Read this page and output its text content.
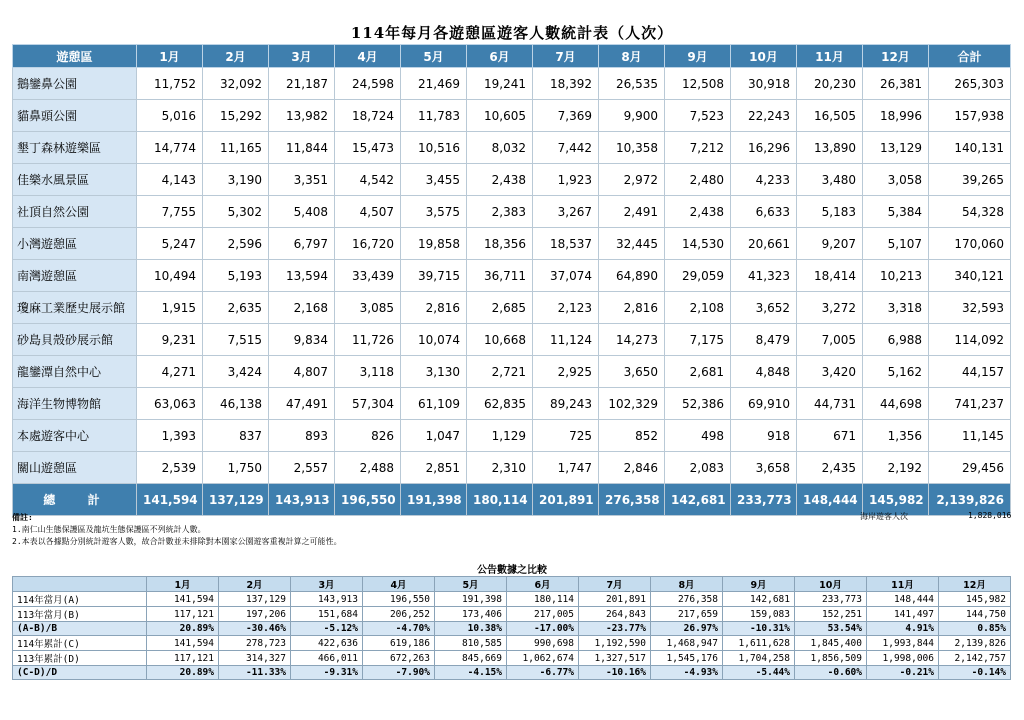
114年每月各遊憩區遊客人數統計表（人次）
遊憩區	1月	2月	3月	4月	5月	6月	7月	8月	9月	10月	11月	12月	合計
鵝鑾鼻公園	11,752	32,092	21,187	24,598	21,469	19,241	18,392	26,535	12,508	30,918	20,230	26,381	265,303
貓鼻頭公園	5,016	15,292	13,982	18,724	11,783	10,605	7,369	9,900	7,523	22,243	16,505	18,996	157,938
墾丁森林遊樂區	14,774	11,165	11,844	15,473	10,516	8,032	7,442	10,358	7,212	16,296	13,890	13,129	140,131
佳樂水風景區	4,143	3,190	3,351	4,542	3,455	2,438	1,923	2,972	2,480	4,233	3,480	3,058	39,265
社頂自然公園	7,755	5,302	5,408	4,507	3,575	2,383	3,267	2,491	2,438	6,633	5,183	5,384	54,328
小灣遊憩區	5,247	2,596	6,797	16,720	19,858	18,356	18,537	32,445	14,530	20,661	9,207	5,107	170,060
南灣遊憩區	10,494	5,193	13,594	33,439	39,715	36,711	37,074	64,890	29,059	41,323	18,414	10,213	340,121
瓊麻工業歷史展示館	1,915	2,635	2,168	3,085	2,816	2,685	2,123	2,816	2,108	3,652	3,272	3,318	32,593
砂島貝殼砂展示館	9,231	7,515	9,834	11,726	10,074	10,668	11,124	14,273	7,175	8,479	7,005	6,988	114,092
龍鑾潭自然中心	4,271	3,424	4,807	3,118	3,130	2,721	2,925	3,650	2,681	4,848	3,420	5,162	44,157
海洋生物博物館	63,063	46,138	47,491	57,304	61,109	62,835	89,243	102,329	52,386	69,910	44,731	44,698	741,237
本處遊客中心	1,393	837	893	826	1,047	1,129	725	852	498	918	671	1,356	11,145
關山遊憩區	2,539	1,750	2,557	2,488	2,851	2,310	1,747	2,846	2,083	3,658	2,435	2,192	29,456
總 計	141,594	137,129	143,913	196,550	191,398	180,114	201,891	276,358	142,681	233,773	148,444	145,982	2,139,826
備註:
1.南仁山生態保護區及龍坑生態保護區不列統計人數。
2.本表以各據點分別統計遊客人數，故合計數並未排除對本園家公園遊客重複計算之可能性。
海岸遊客人次	1,828,016
公告數據之比較
	1月	2月	3月	4月	5月	6月	7月	8月	9月	10月	11月	12月
114年當月(A)	141,594	137,129	143,913	196,550	191,398	180,114	201,891	276,358	142,681	233,773	148,444	145,982
113年當月(B)	117,121	197,206	151,684	206,252	173,406	217,005	264,843	217,659	159,083	152,251	141,497	144,750
(A-B)/B	20.89%	-30.46%	-5.12%	-4.70%	10.38%	-17.00%	-23.77%	26.97%	-10.31%	53.54%	4.91%	0.85%
114年累計(C)	141,594	278,723	422,636	619,186	810,585	990,698	1,192,590	1,468,947	1,611,628	1,845,400	1,993,844	2,139,826
113年累計(D)	117,121	314,327	466,011	672,263	845,669	1,062,674	1,327,517	1,545,176	1,704,258	1,856,509	1,998,006	2,142,757
(C-D)/D	20.89%	-11.33%	-9.31%	-7.90%	-4.15%	-6.77%	-10.16%	-4.93%	-5.44%	-0.60%	-0.21%	-0.14%
